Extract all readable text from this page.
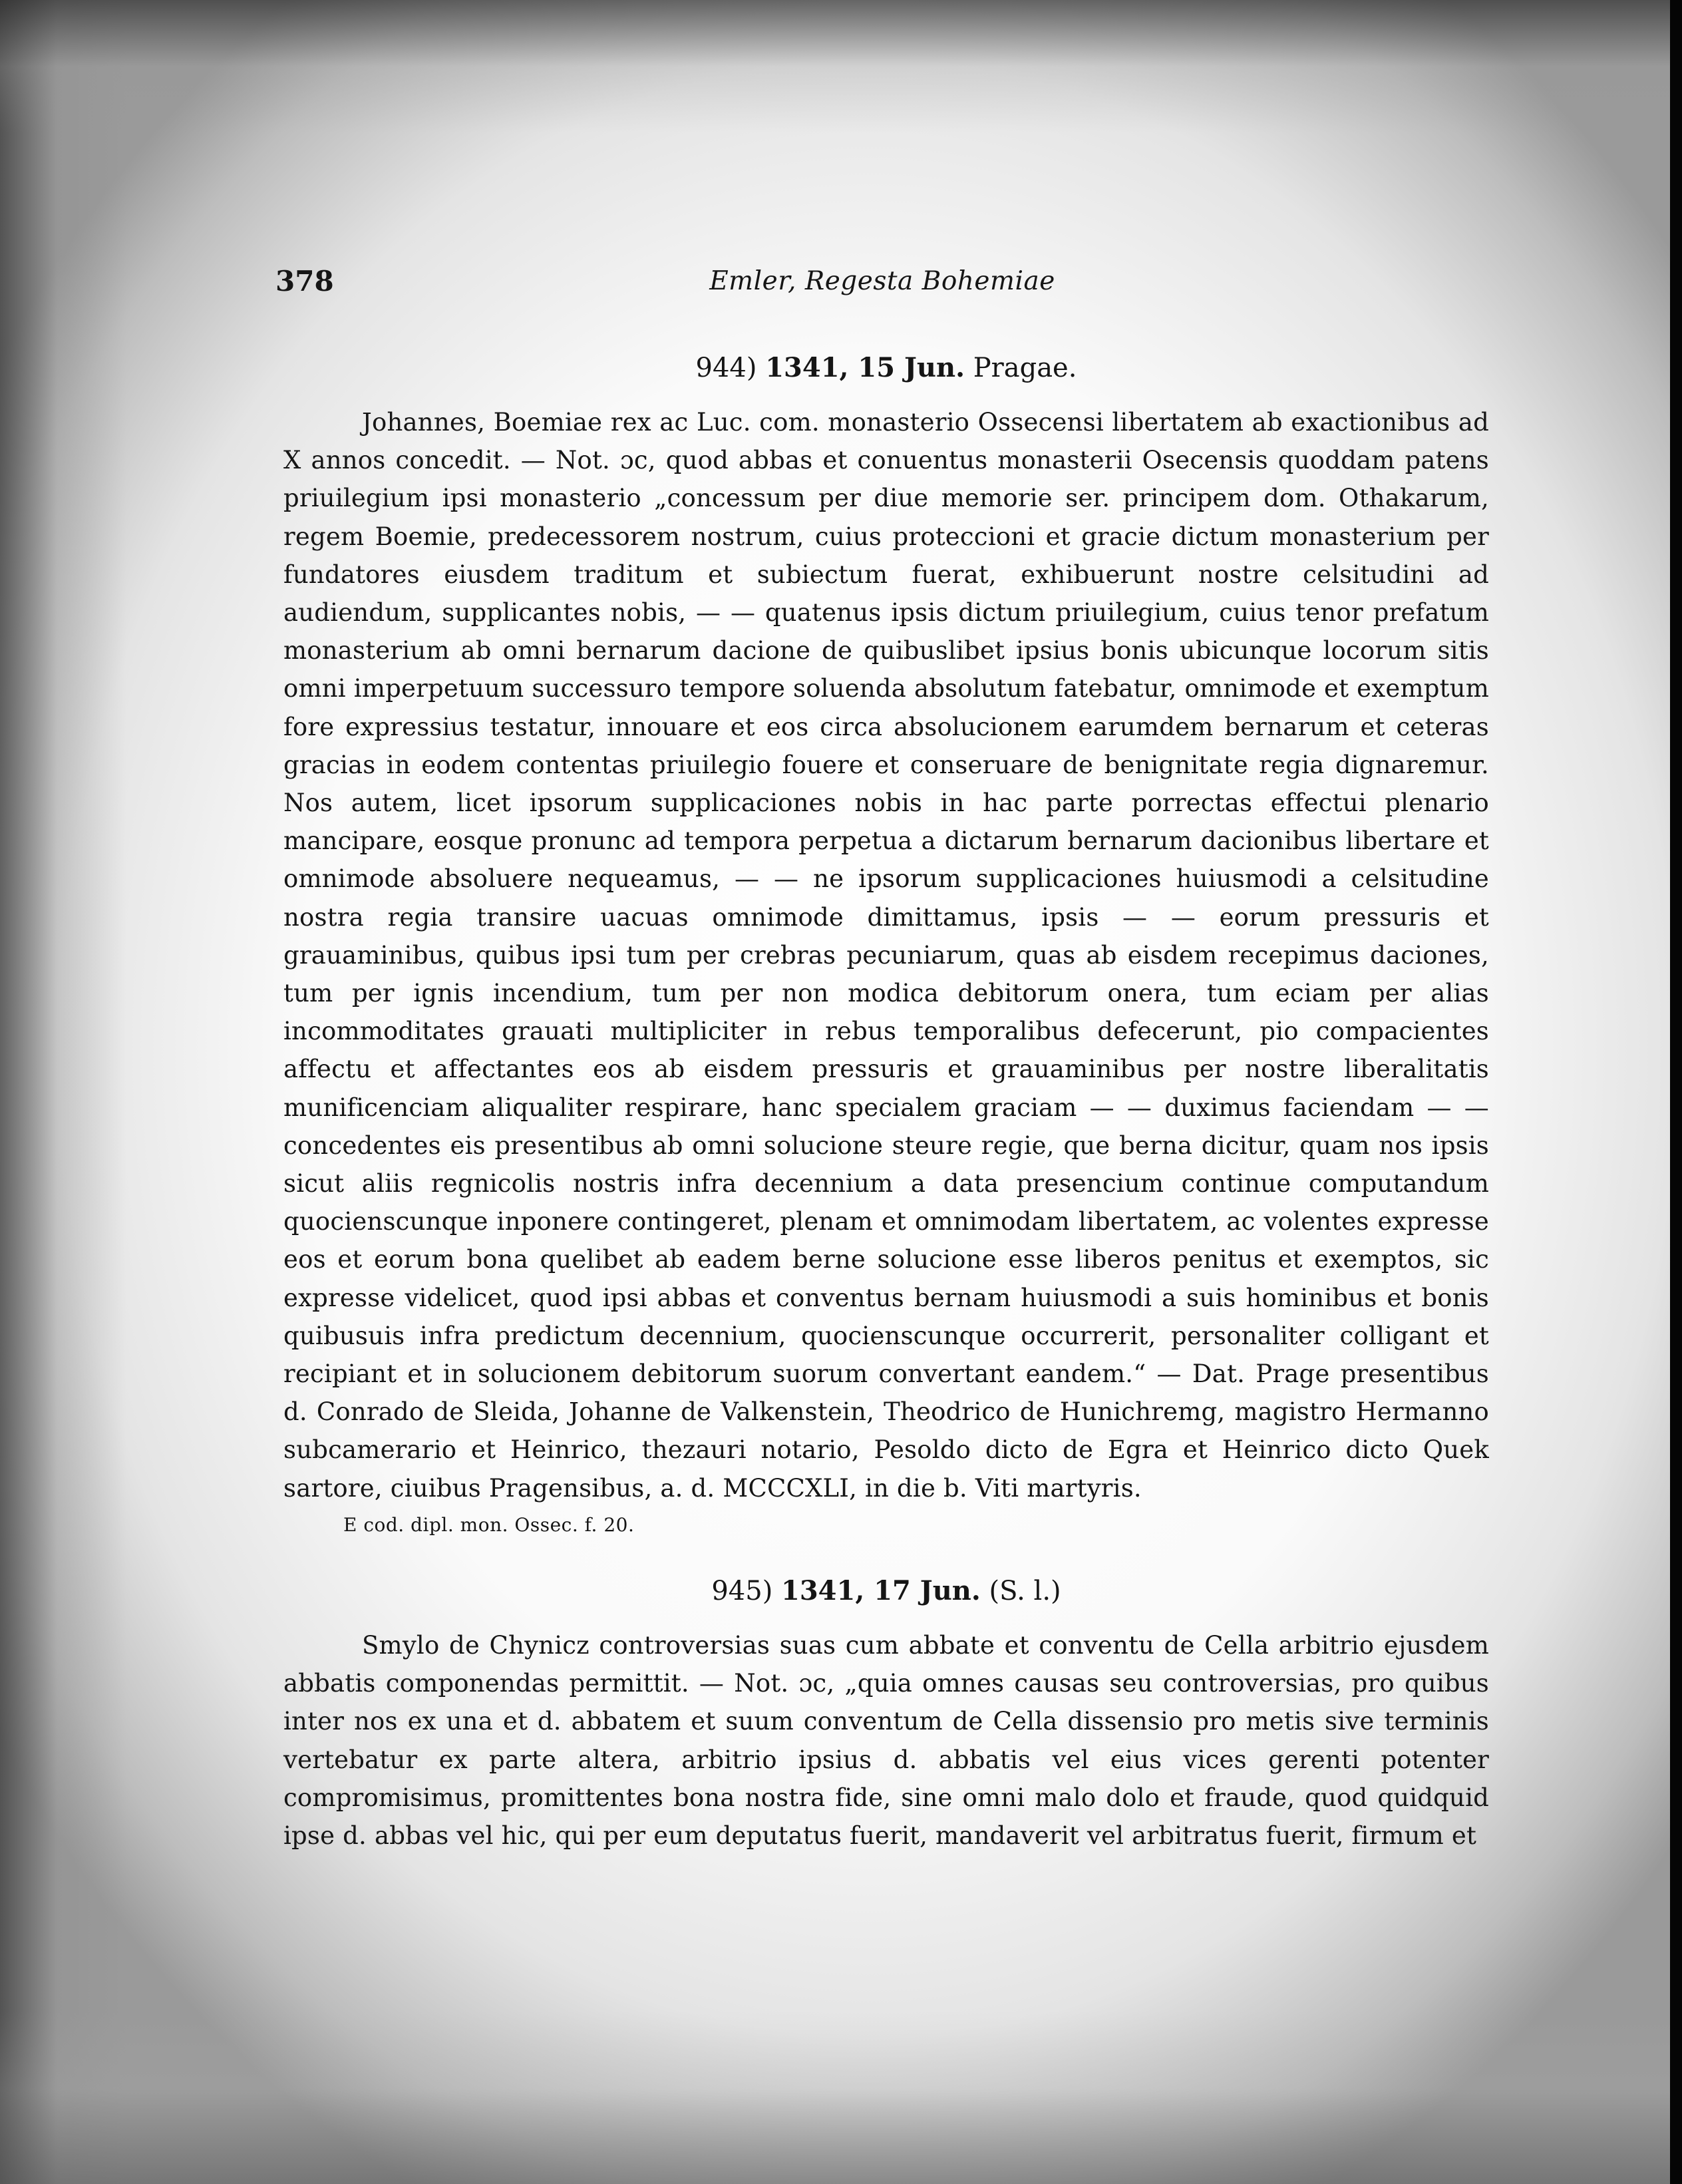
378	Emler, Regesta Bohemiae
944) 1341, 15 Jun. Pragae.

Johannes, Boemiae rex ac Luc. com. monasterio Ossecensi libertatem ab exactionibus ad X annos concedit. — Not. ɔc, quod abbas et conuentus monasterii Osecensis quoddam patens priuilegium ipsi monasterio „concessum per diue memorie ser. principem dom. Othakarum, regem Boemie, predecessorem nostrum, cuius proteccioni et gracie dictum monasterium per fundatores eiusdem traditum et subiectum fuerat, exhibuerunt nostre celsitudini ad audiendum, supplicantes nobis, — — quatenus ipsis dictum priuilegium, cuius tenor prefatum monasterium ab omni bernarum dacione de quibuslibet ipsius bonis ubicunque locorum sitis omni imperpetuum successuro tempore soluenda absolutum fatebatur, omnimode et exemptum fore expressius testatur, innouare et eos circa absolucionem earumdem bernarum et ceteras gracias in eodem contentas priuilegio fouere et conseruare de benignitate regia dignaremur. Nos autem, licet ipsorum supplicaciones nobis in hac parte porrectas effectui plenario mancipare, eosque pronunc ad tempora perpetua a dictarum bernarum dacionibus libertare et omnimode absoluere nequeamus, — — ne ipsorum supplicaciones huiusmodi a celsitudine nostra regia transire uacuas omnimode dimittamus, ipsis — — eorum pressuris et grauaminibus, quibus ipsi tum per crebras pecuniarum, quas ab eisdem recepimus daciones, tum per ignis incendium, tum per non modica debitorum onera, tum eciam per alias incommoditates grauati multipliciter in rebus temporalibus defecerunt, pio compacientes affectu et affectantes eos ab eisdem pressuris et grauaminibus per nostre liberalitatis munificenciam aliqualiter respirare, hanc specialem graciam — — duximus faciendam — — concedentes eis presentibus ab omni solucione steure regie, que berna dicitur, quam nos ipsis sicut aliis regnicolis nostris infra decennium a data presencium continue computandum quocienscunque inponere contingeret, plenam et omnimodam libertatem, ac volentes expresse eos et eorum bona quelibet ab eadem berne solucione esse liberos penitus et exemptos, sic expresse videlicet, quod ipsi abbas et conventus bernam huiusmodi a suis hominibus et bonis quibusuis infra predictum decennium, quocienscunque occurrerit, personaliter colligant et recipiant et in solucionem debitorum suorum convertant eandem.“ — Dat. Prage presentibus d. Conrado de Sleida, Johanne de Valkenstein, Theodrico de Hunichremg, magistro Hermanno subcamerario et Heinrico, thezauri notario, Pesoldo dicto de Egra et Heinrico dicto Quek sartore, ciuibus Pragensibus, a. d. MCCCXLI, in die b. Viti martyris.

E cod. dipl. mon. Ossec. f. 20.
945) 1341, 17 Jun. (S. l.)

Smylo de Chynicz controversias suas cum abbate et conventu de Cella arbitrio ejusdem abbatis componendas permittit. — Not. ɔc, „quia omnes causas seu controversias, pro quibus inter nos ex una et d. abbatem et suum conventum de Cella dissensio pro metis sive terminis vertebatur ex parte altera, arbitrio ipsius d. abbatis vel eius vices gerenti potenter compromisimus, promittentes bona nostra fide, sine omni malo dolo et fraude, quod quidquid ipse d. abbas vel hic, qui per eum deputatus fuerit, mandaverit vel arbitratus fuerit, firmum et
